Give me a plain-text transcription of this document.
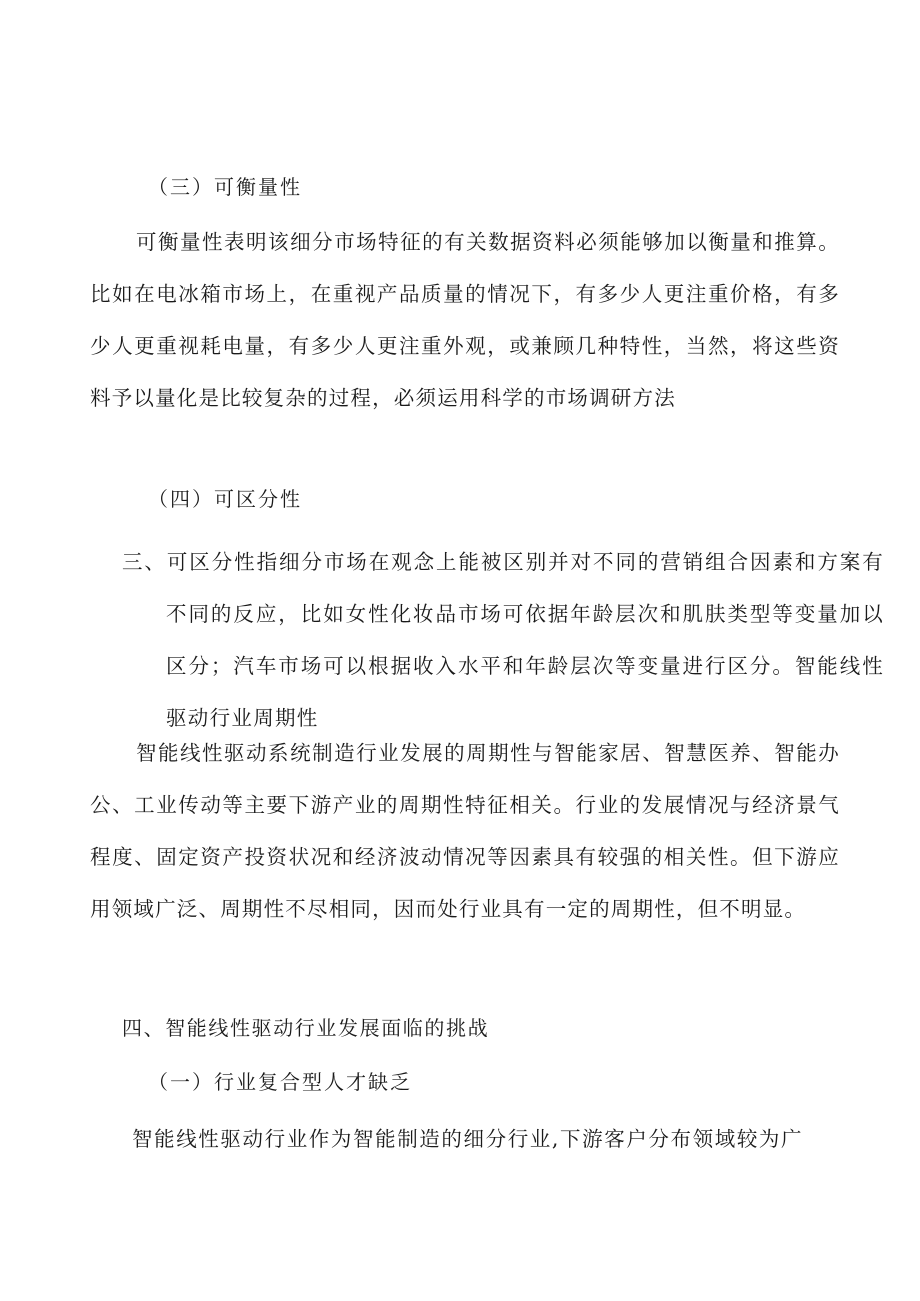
（三）可衡量性

可衡量性表明该细分市场特征的有关数据资料必须能够加以衡量和推算。比如在电冰箱市场上，在重视产品质量的情况下，有多少人更注重价格，有多少人更重视耗电量，有多少人更注重外观，或兼顾几种特性，当然，将这些资料予以量化是比较复杂的过程，必须运用科学的市场调研方法

（四）可区分性

三、可区分性指细分市场在观念上能被区别并对不同的营销组合因素和方案有不同的反应，比如女性化妆品市场可依据年龄层次和肌肤类型等变量加以区分；汽车市场可以根据收入水平和年龄层次等变量进行区分。智能线性驱动行业周期性

智能线性驱动系统制造行业发展的周期性与智能家居、智慧医养、智能办公、工业传动等主要下游产业的周期性特征相关。行业的发展情况与经济景气程度、固定资产投资状况和经济波动情况等因素具有较强的相关性。但下游应用领域广泛、周期性不尽相同，因而处行业具有一定的周期性，但不明显。

四、智能线性驱动行业发展面临的挑战
（一）行业复合型人才缺乏

智能线性驱动行业作为智能制造的细分行业,下游客户分布领域较为广
